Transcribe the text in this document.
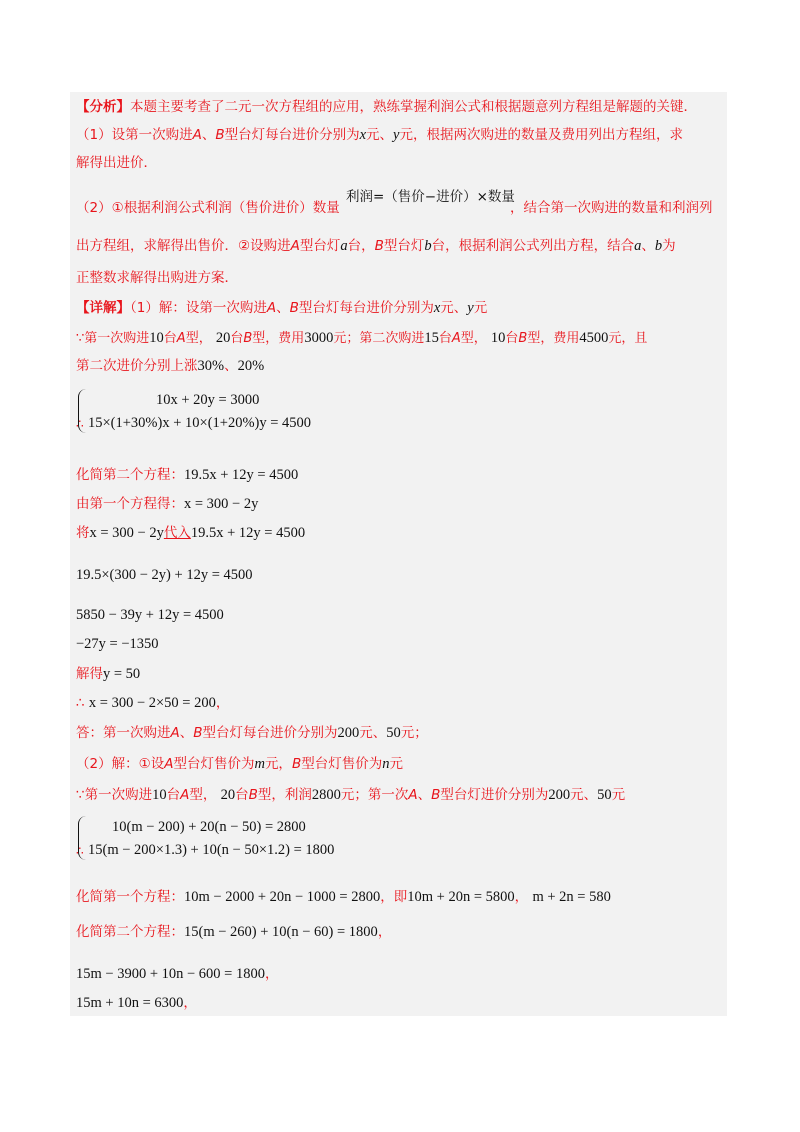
【分析】本题主要考查了二元一次方程组的应用，熟练掌握利润公式和根据题意列方程组是解题的关键．
（1）设第一次购进A、B型台灯每台进价分别为x元、y元，根据两次购进的数量及费用列出方程组，求
解得出进价．
（2）①根据利润公式利润（售价进价）数量
利润=（售价−进价）×数量
，结合第一次购进的数量和利润列
出方程组，求解得出售价．②设购进A型台灯a台，B型台灯b台，根据利润公式列出方程，结合a、b为
正整数求解得出购进方案．
【详解】（1）解：设第一次购进A、B型台灯每台进价分别为x元、y元
∵第一次购进10台A型， 20台B型，费用3000元；第二次购进15台A型， 10台B型，费用4500元，且
第二次进价分别上涨30%、20%
10x + 20y = 3000
15×(1+30%)x + 10×(1+20%)y = 4500
∴
化简第二个方程：19.5x + 12y = 4500
由第一个方程得：x = 300 − 2y
将x = 300 − 2y代入19.5x + 12y = 4500
19.5×(300 − 2y) + 12y = 4500
5850 − 39y + 12y = 4500
−27y = −1350
解得y = 50
∴ x = 300 − 2×50 = 200，
答：第一次购进A、B型台灯每台进价分别为200元、50元；
（2）解：①设A型台灯售价为m元，B型台灯售价为n元
∵第一次购进10台A型， 20台B型，利润2800元；第一次A、B型台灯进价分别为200元、50元
10(m − 200) + 20(n − 50) = 2800
15(m − 200×1.3) + 10(n − 50×1.2) = 1800
∴
化简第一个方程：10m − 2000 + 20n − 1000 = 2800，即10m + 20n = 5800， m + 2n = 580
化简第二个方程：15(m − 260) + 10(n − 60) = 1800，
15m − 3900 + 10n − 600 = 1800，
15m + 10n = 6300，
